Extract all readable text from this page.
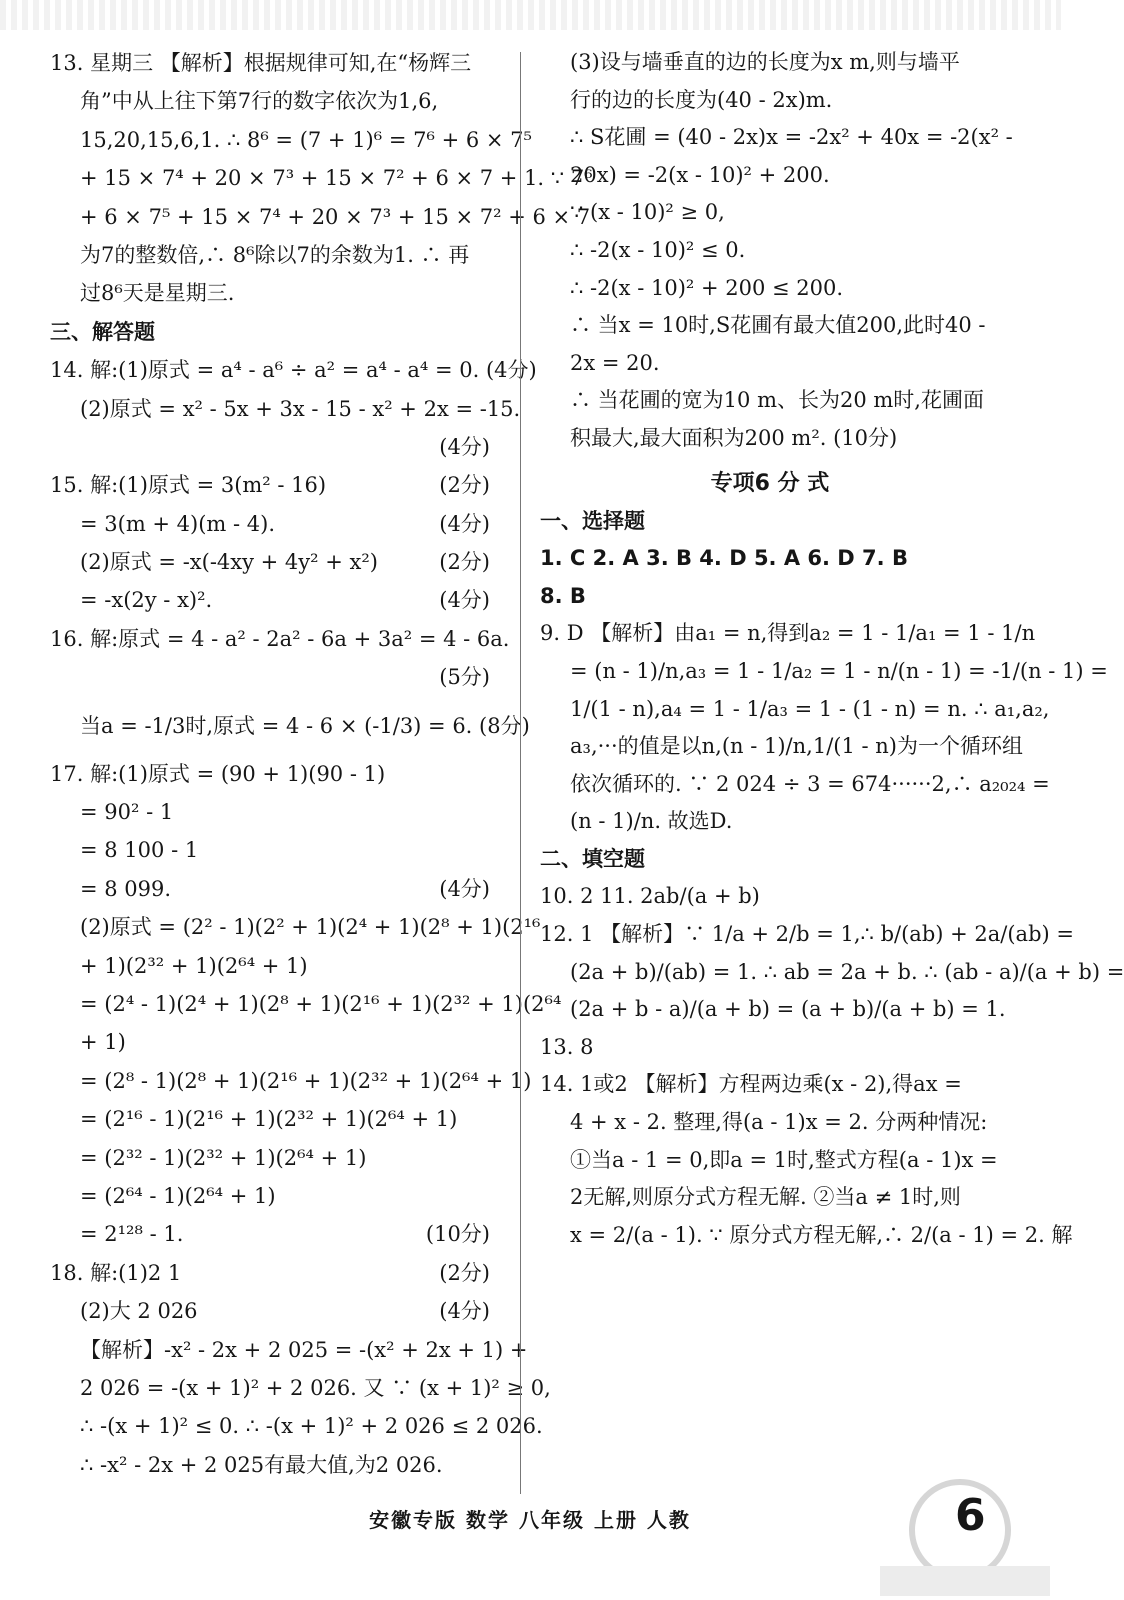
13. 星期三 【解析】根据规律可知,在“杨辉三
角”中从上往下第7行的数字依次为1,6,
15,20,15,6,1. ∴ 8⁶ = (7 + 1)⁶ = 7⁶ + 6 × 7⁵
+ 15 × 7⁴ + 20 × 7³ + 15 × 7² + 6 × 7 + 1. ∵ 7⁶
+ 6 × 7⁵ + 15 × 7⁴ + 20 × 7³ + 15 × 7² + 6 × 7
为7的整数倍,∴ 8⁶除以7的余数为1. ∴ 再
过8⁶天是星期三.
三、解答题
14. 解:(1)原式 = a⁴ - a⁶ ÷ a² = a⁴ - a⁴ = 0. (4分)
(2)原式 = x² - 5x + 3x - 15 - x² + 2x = -15.
(4分)
15. 解:(1)原式 = 3(m² - 16)	(2分)
= 3(m + 4)(m - 4).	(4分)
(2)原式 = -x(-4xy + 4y² + x²)	(2分)
= -x(2y - x)².	(4分)
16. 解:原式 = 4 - a² - 2a² - 6a + 3a² = 4 - 6a.
(5分)
当a = -1/3时,原式 = 4 - 6 × (-1/3) = 6. (8分)
17. 解:(1)原式 = (90 + 1)(90 - 1)
= 90² - 1
= 8 100 - 1
= 8 099.	(4分)
(2)原式 = (2² - 1)(2² + 1)(2⁴ + 1)(2⁸ + 1)(2¹⁶
+ 1)(2³² + 1)(2⁶⁴ + 1)
= (2⁴ - 1)(2⁴ + 1)(2⁸ + 1)(2¹⁶ + 1)(2³² + 1)(2⁶⁴
+ 1)
= (2⁸ - 1)(2⁸ + 1)(2¹⁶ + 1)(2³² + 1)(2⁶⁴ + 1)
= (2¹⁶ - 1)(2¹⁶ + 1)(2³² + 1)(2⁶⁴ + 1)
= (2³² - 1)(2³² + 1)(2⁶⁴ + 1)
= (2⁶⁴ - 1)(2⁶⁴ + 1)
= 2¹²⁸ - 1.	(10分)
18. 解:(1)2 1	(2分)
(2)大 2 026	(4分)
【解析】-x² - 2x + 2 025 = -(x² + 2x + 1) +
2 026 = -(x + 1)² + 2 026. 又 ∵ (x + 1)² ≥ 0,
∴ -(x + 1)² ≤ 0. ∴ -(x + 1)² + 2 026 ≤ 2 026.
∴ -x² - 2x + 2 025有最大值,为2 026.
(3)设与墙垂直的边的长度为x m,则与墙平
行的边的长度为(40 - 2x)m.
∴ S花圃 = (40 - 2x)x = -2x² + 40x = -2(x² -
20x) = -2(x - 10)² + 200.
∵ (x - 10)² ≥ 0,
∴ -2(x - 10)² ≤ 0.
∴ -2(x - 10)² + 200 ≤ 200.
∴ 当x = 10时,S花圃有最大值200,此时40 -
2x = 20.
∴ 当花圃的宽为10 m、长为20 m时,花圃面
积最大,最大面积为200 m². (10分)
专项6 分 式
一、选择题
1. C 2. A 3. B 4. D 5. A 6. D 7. B
8. B
9. D 【解析】由a₁ = n,得到a₂ = 1 - 1/a₁ = 1 - 1/n
= (n - 1)/n,a₃ = 1 - 1/a₂ = 1 - n/(n - 1) = -1/(n - 1) =
1/(1 - n),a₄ = 1 - 1/a₃ = 1 - (1 - n) = n. ∴ a₁,a₂,
a₃,···的值是以n,(n - 1)/n,1/(1 - n)为一个循环组
依次循环的. ∵ 2 024 ÷ 3 = 674······2,∴ a₂₀₂₄ =
(n - 1)/n. 故选D.
二、填空题
10. 2 11. 2ab/(a + b)
12. 1 【解析】∵ 1/a + 2/b = 1,∴ b/(ab) + 2a/(ab) =
(2a + b)/(ab) = 1. ∴ ab = 2a + b. ∴ (ab - a)/(a + b) =
(2a + b - a)/(a + b) = (a + b)/(a + b) = 1.
13. 8
14. 1或2 【解析】方程两边乘(x - 2),得ax =
4 + x - 2. 整理,得(a - 1)x = 2. 分两种情况:
①当a - 1 = 0,即a = 1时,整式方程(a - 1)x =
2无解,则原分式方程无解. ②当a ≠ 1时,则
x = 2/(a - 1). ∵ 原分式方程无解,∴ 2/(a - 1) = 2. 解
安徽专版 数学 八年级 上册 人教	6
